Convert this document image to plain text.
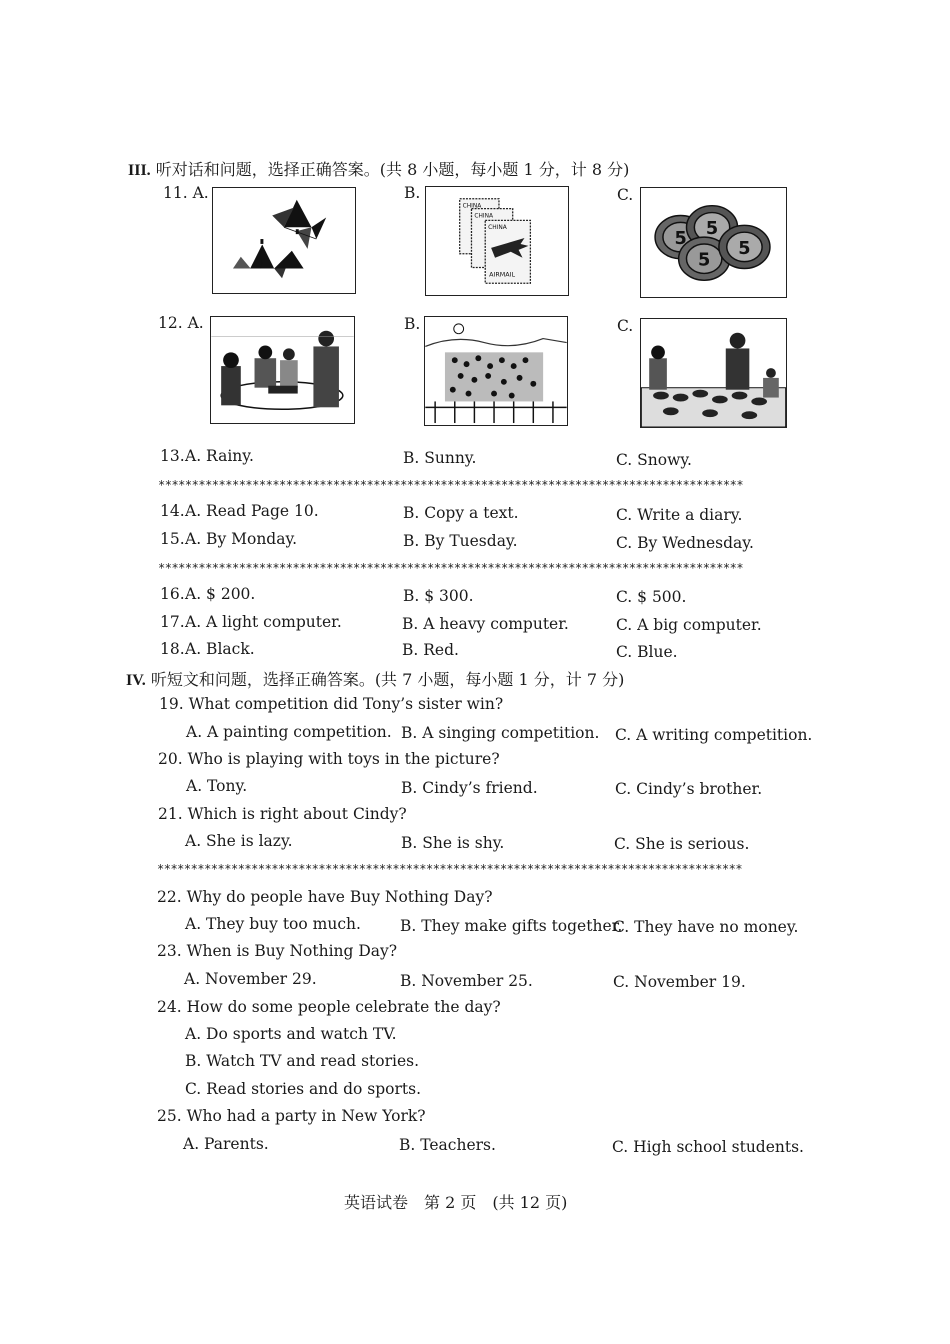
III. 听对话和问题，选择正确答案。(共 8 小题，每小题 1 分，计 8 分)
11. A.	B.	C.
CHINA
CHINA
CHINA
AIRMAIL
5 5
5
5
12. A.	B.	C.
13. A. Rainy.	B. Sunny.	C. Snowy.
***************************************************************************************
14. A. Read Page 10.	B. Copy a text.	C. Write a diary.
15. A. By Monday.	B. By Tuesday.	C. By Wednesday.
***************************************************************************************
16. A. $ 200.	B. $ 300.	C. $ 500.
17. A. A light computer.	B. A heavy computer.	C. A big computer.
18. A. Black.	B. Red.	C. Blue.
IV. 听短文和问题，选择正确答案。(共 7 小题，每小题 1 分，计 7 分)
19. What competition did Tony’s sister win?
A. A painting competition. B. A singing competition. C. A writing competition.
20. Who is playing with toys in the picture?
A. Tony.	B. Cindy’s friend.	C. Cindy’s brother.
21. Which is right about Cindy?
A. She is lazy.	B. She is shy.	C. She is serious.
***************************************************************************************
22. Why do people have Buy Nothing Day?
A. They buy too much.	B. They make gifts together.
C. They have no money.
23. When is Buy Nothing Day?
A. November 29.	B. November 25.	C. November 19.
24. How do some people celebrate the day?
A. Do sports and watch TV.
B. Watch TV and read stories.
C. Read stories and do sports.
25. Who had a party in New York?
A. Parents.	B. Teachers.	C. High school students.
英语试卷　第 2 页　(共 12 页)
